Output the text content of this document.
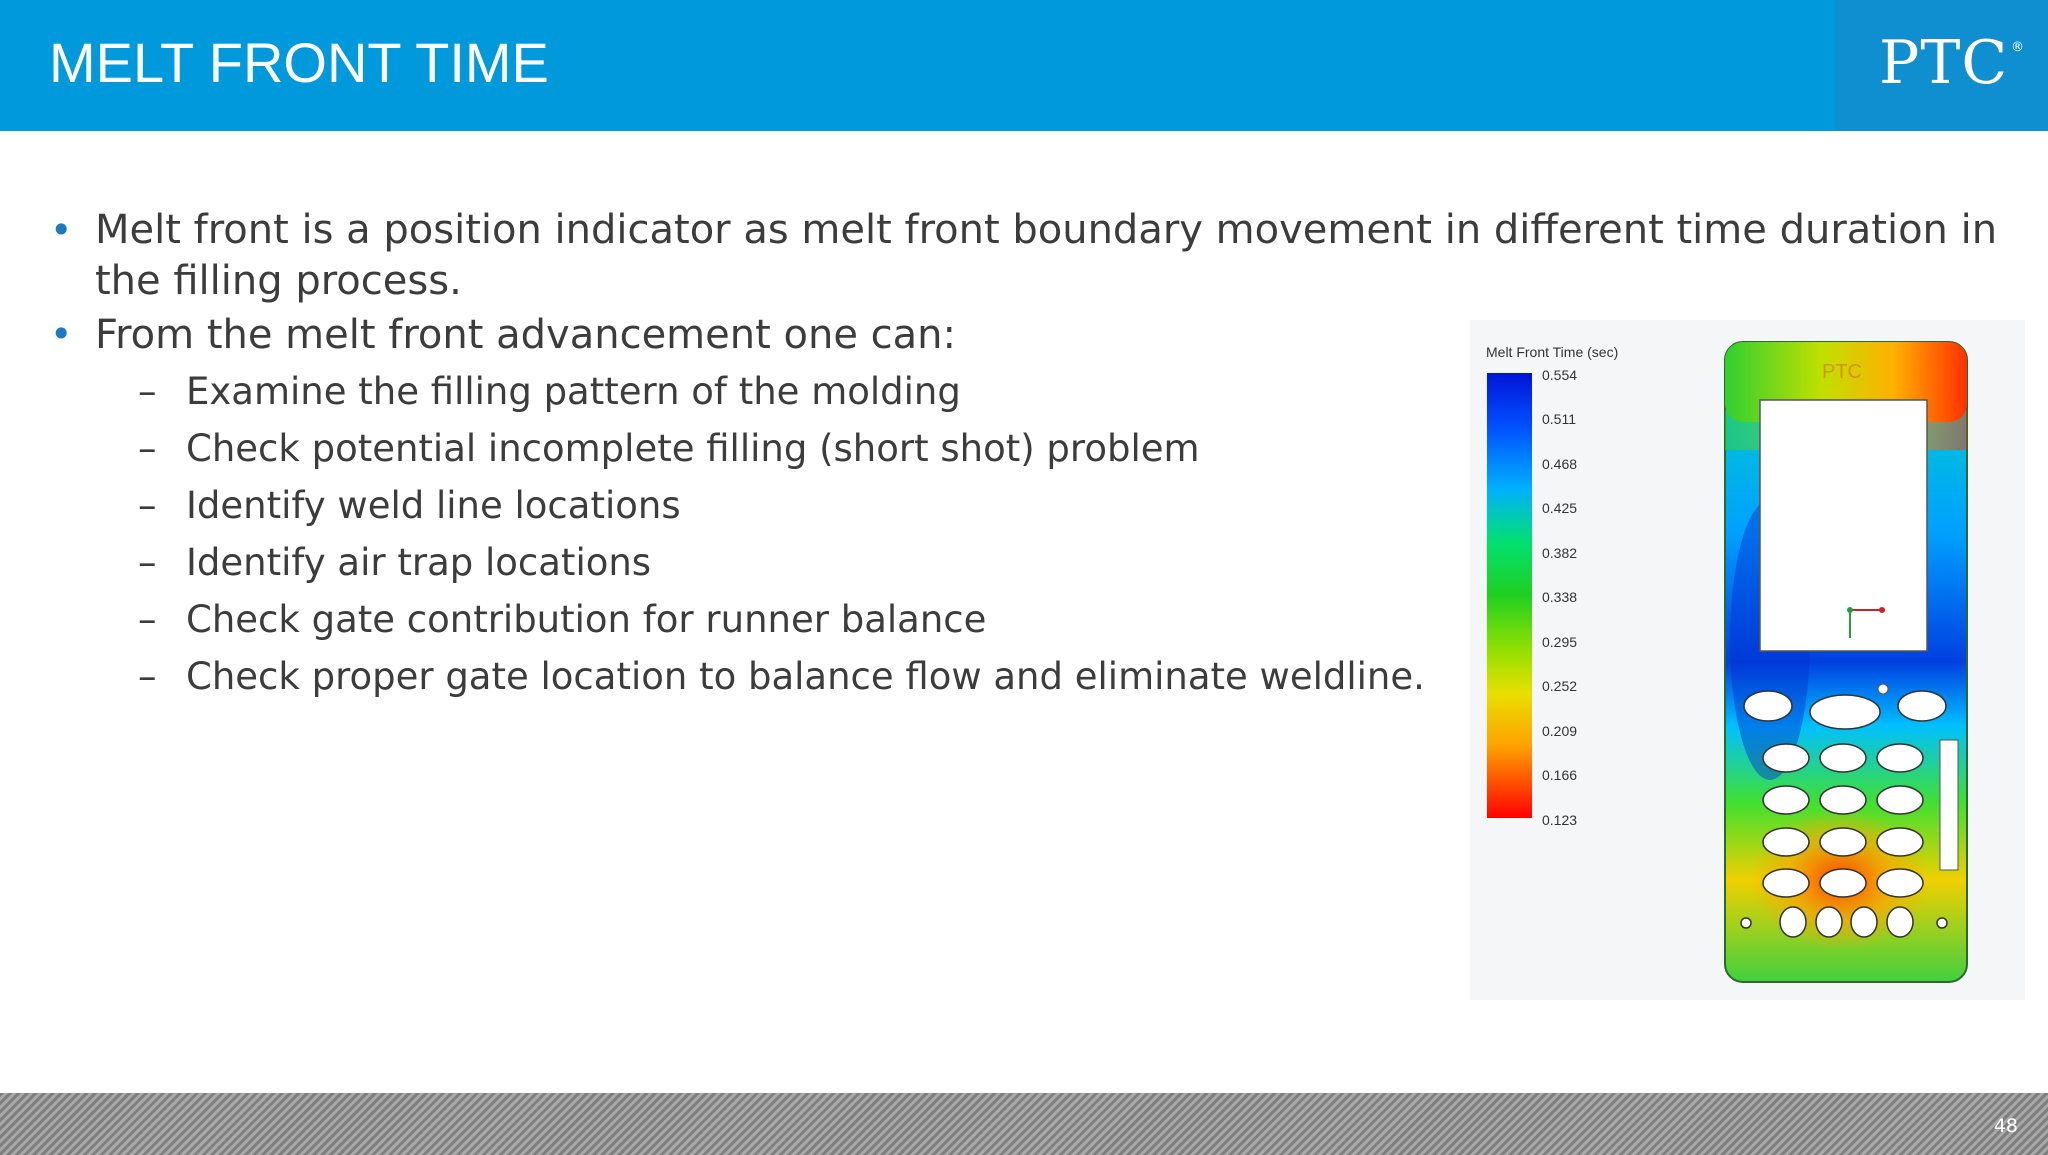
MELT FRONT TIME	PTC ®
• Melt front is a position indicator as melt front boundary movement in different time duration in
the filling process.
• From the melt front advancement one can:
– Examine the filling pattern of the molding
– Check potential incomplete filling (short shot) problem
– Identify weld line locations
– Identify air trap locations
– Check gate contribution for runner balance
– Check proper gate location to balance flow and eliminate weldline.
Melt Front Time (sec)
0.554
0.511
0.468
0.425
0.382
0.338
0.295
0.252
0.209
0.166
0.123
PTC
48
